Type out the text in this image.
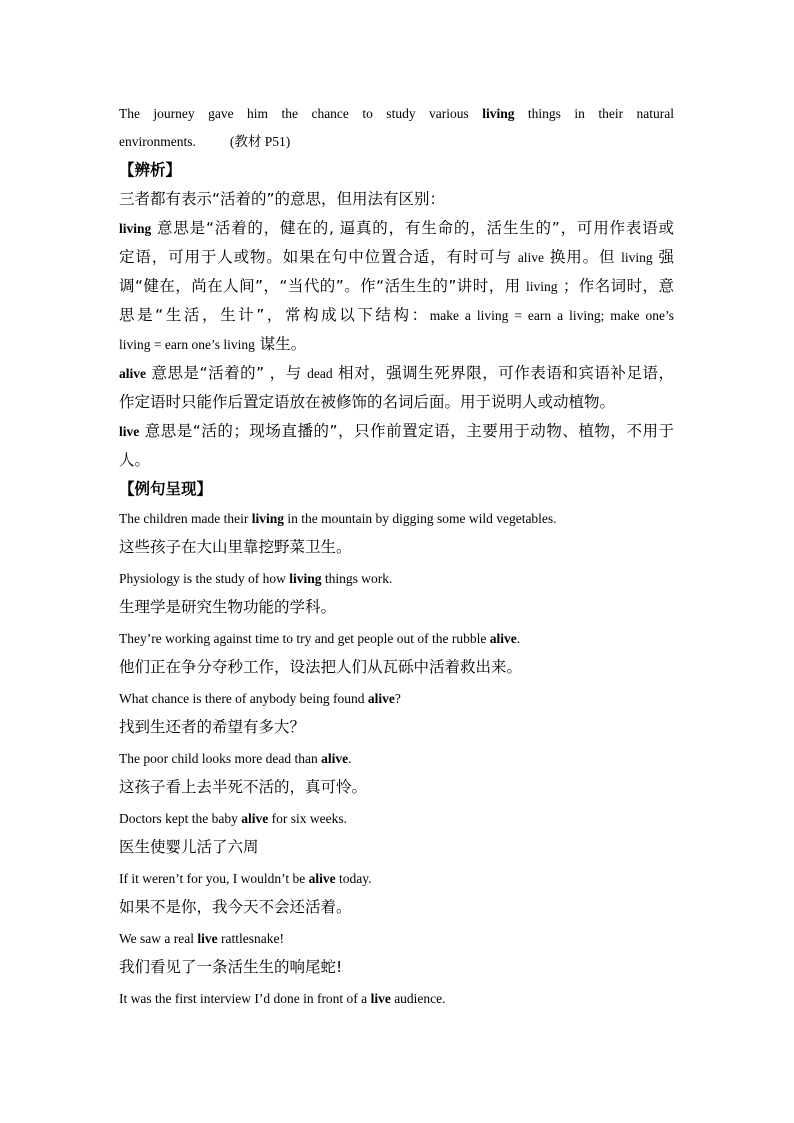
The journey gave him the chance to study various living things in their natural

environments.	(教材 P51)

【辨析】

三者都有表示“活着的”的意思，但用法有区别：

living 意思是“活着的，健在的, 逼真的，有生命的，活生生的”，可用作表语或

定语，可用于人或物。如果在句中位置合适，有时可与 alive 换用。但 living 强

调“健在，尚在人间”，“当代的”。作“活生生的”讲时，用 living ；作名词时，意

思是“生活，生计”，常构成以下结构：make a living = earn a living; make one’s

living = earn one’s living 谋生。

alive 意思是“活着的” ，与 dead 相对，强调生死界限，可作表语和宾语补足语，

作定语时只能作后置定语放在被修饰的名词后面。用于说明人或动植物。

live 意思是“活的；现场直播的”，只作前置定语，主要用于动物、植物，不用于

人。

【例句呈现】

The children made their living in the mountain by digging some wild vegetables.

这些孩子在大山里靠挖野菜卫生。

Physiology is the study of how living things work.

生理学是研究生物功能的学科。

They’re working against time to try and get people out of the rubble alive.

他们正在争分夺秒工作，设法把人们从瓦砾中活着救出来。

What chance is there of anybody being found alive?

找到生还者的希望有多大？

The poor child looks more dead than alive.

这孩子看上去半死不活的，真可怜。

Doctors kept the baby alive for six weeks.

医生使婴儿活了六周

If it weren’t for you, I wouldn’t be alive today.

如果不是你，我今天不会还活着。

We saw a real live rattlesnake!

我们看见了一条活生生的响尾蛇!

It was the first interview I’d done in front of a live audience.
